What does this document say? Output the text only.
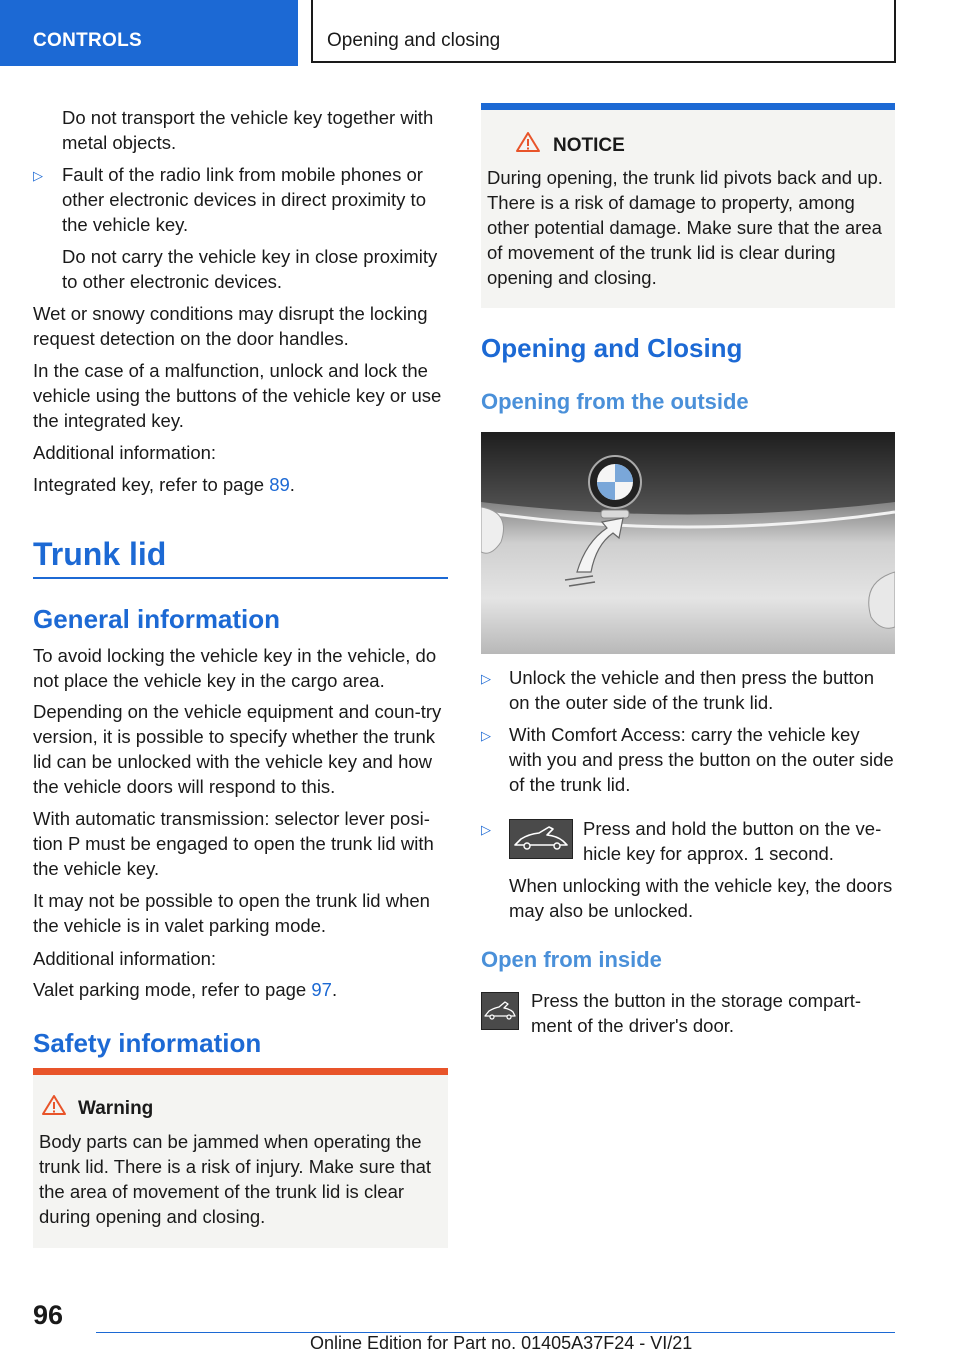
CONTROLS	Opening and closing
Do not transport the vehicle key together with metal objects.
▷ Fault of the radio link from mobile phones or other electronic devices in direct proximity to the vehicle key.
Do not carry the vehicle key in close proximity to other electronic devices.
Wet or snowy conditions may disrupt the locking request detection on the door handles.
In the case of a malfunction, unlock and lock the vehicle using the buttons of the vehicle key or use the integrated key.
Additional information:
Integrated key, refer to page 89.
Trunk lid
General information
To avoid locking the vehicle key in the vehicle, do not place the vehicle key in the cargo area.
Depending on the vehicle equipment and coun-try version, it is possible to specify whether the trunk lid can be unlocked with the vehicle key and how the vehicle doors will respond to this.
With automatic transmission: selector lever posi-tion P must be engaged to open the trunk lid with the vehicle key.
It may not be possible to open the trunk lid when the vehicle is in valet parking mode.
Additional information:
Valet parking mode, refer to page 97.
Safety information
Warning
Body parts can be jammed when operating the trunk lid. There is a risk of injury. Make sure that the area of movement of the trunk lid is clear during opening and closing.
NOTICE
During opening, the trunk lid pivots back and up. There is a risk of damage to property, among other potential damage. Make sure that the area of movement of the trunk lid is clear during opening and closing.
Opening and Closing
Opening from the outside
▷ Unlock the vehicle and then press the button on the outer side of the trunk lid.
▷ With Comfort Access: carry the vehicle key with you and press the button on the outer side of the trunk lid.
▷	Press and hold the button on the ve-hicle key for approx. 1 second.
When unlocking with the vehicle key, the doors may also be unlocked.
Open from inside
Press the button in the storage compart-ment of the driver's door.
96
Online Edition for Part no. 01405A37F24 - VI/21
